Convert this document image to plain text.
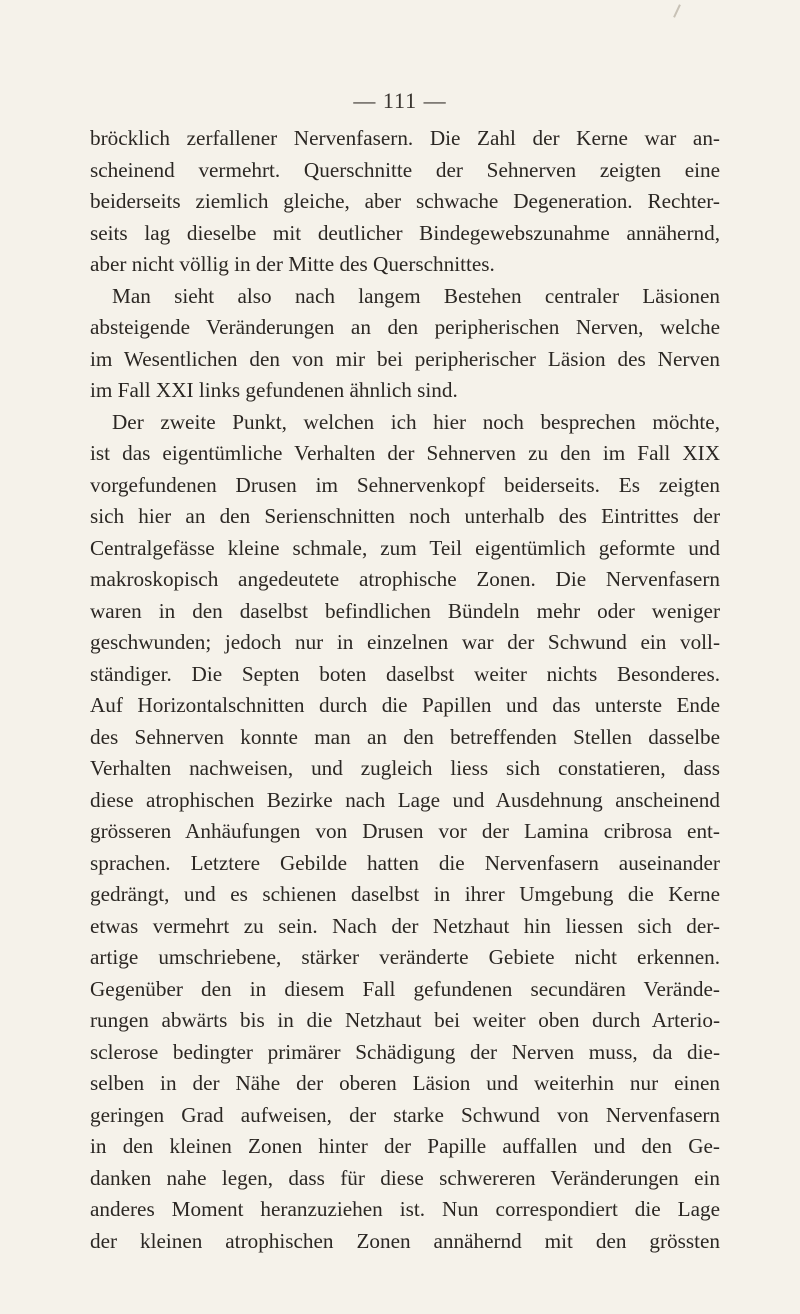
— 111 —
bröcklich zerfallener Nervenfasern. Die Zahl der Kerne war an-
scheinend vermehrt. Querschnitte der Sehnerven zeigten eine
beiderseits ziemlich gleiche, aber schwache Degeneration. Rechter-
seits lag dieselbe mit deutlicher Bindegewebszunahme annähernd,
aber nicht völlig in der Mitte des Querschnittes.
Man sieht also nach langem Bestehen centraler Läsionen
absteigende Veränderungen an den peripherischen Nerven, welche
im Wesentlichen den von mir bei peripherischer Läsion des Nerven
im Fall XXI links gefundenen ähnlich sind.
Der zweite Punkt, welchen ich hier noch besprechen möchte,
ist das eigentümliche Verhalten der Sehnerven zu den im Fall XIX
vorgefundenen Drusen im Sehnervenkopf beiderseits. Es zeigten
sich hier an den Serienschnitten noch unterhalb des Eintrittes der
Centralgefässe kleine schmale, zum Teil eigentümlich geformte und
makroskopisch angedeutete atrophische Zonen. Die Nervenfasern
waren in den daselbst befindlichen Bündeln mehr oder weniger
geschwunden; jedoch nur in einzelnen war der Schwund ein voll-
ständiger. Die Septen boten daselbst weiter nichts Besonderes.
Auf Horizontalschnitten durch die Papillen und das unterste Ende
des Sehnerven konnte man an den betreffenden Stellen dasselbe
Verhalten nachweisen, und zugleich liess sich constatieren, dass
diese atrophischen Bezirke nach Lage und Ausdehnung anscheinend
grösseren Anhäufungen von Drusen vor der Lamina cribrosa ent-
sprachen. Letztere Gebilde hatten die Nervenfasern auseinander
gedrängt, und es schienen daselbst in ihrer Umgebung die Kerne
etwas vermehrt zu sein. Nach der Netzhaut hin liessen sich der-
artige umschriebene, stärker veränderte Gebiete nicht erkennen.
Gegenüber den in diesem Fall gefundenen secundären Verände-
rungen abwärts bis in die Netzhaut bei weiter oben durch Arterio-
sclerose bedingter primärer Schädigung der Nerven muss, da die-
selben in der Nähe der oberen Läsion und weiterhin nur einen
geringen Grad aufweisen, der starke Schwund von Nervenfasern
in den kleinen Zonen hinter der Papille auffallen und den Ge-
danken nahe legen, dass für diese schwereren Veränderungen ein
anderes Moment heranzuziehen ist. Nun correspondiert die Lage
der kleinen atrophischen Zonen annähernd mit den grössten
